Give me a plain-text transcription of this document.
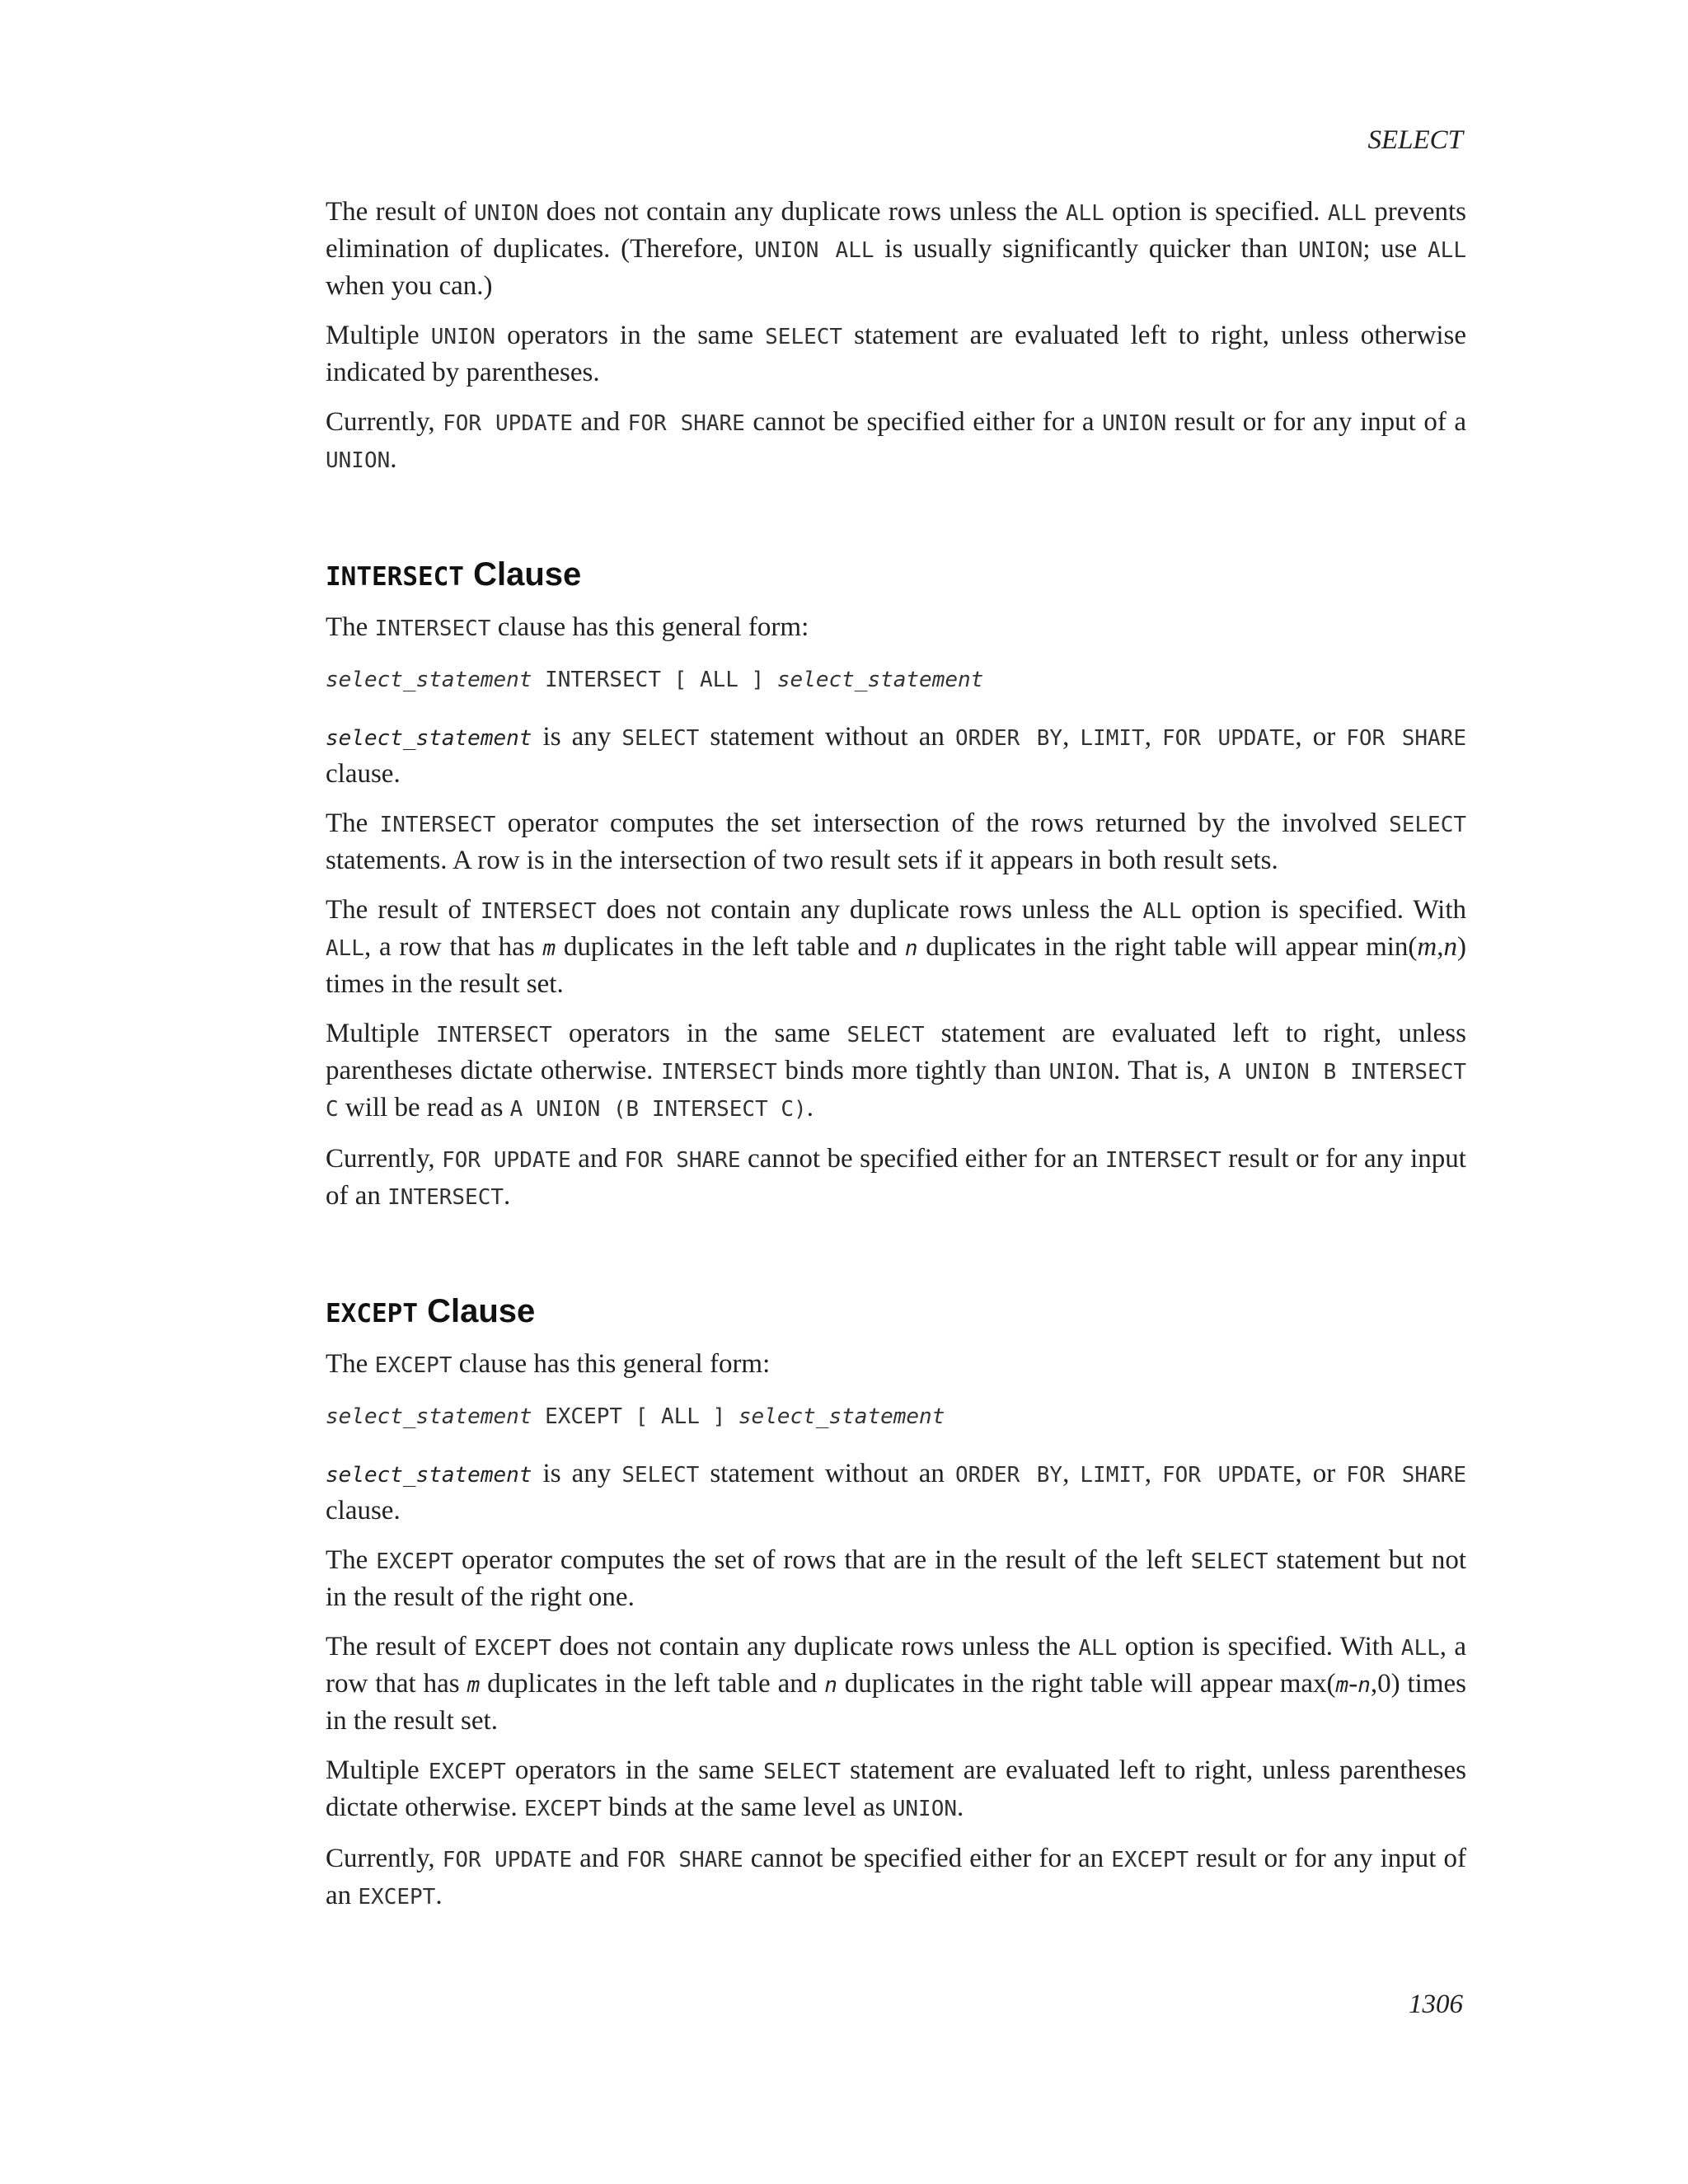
SELECT

The result of UNION does not contain any duplicate rows unless the ALL option is specified. ALL prevents elimination of duplicates. (Therefore, UNION ALL is usually significantly quicker than UNION; use ALL when you can.)

Multiple UNION operators in the same SELECT statement are evaluated left to right, unless otherwise indicated by parentheses.

Currently, FOR UPDATE and FOR SHARE cannot be specified either for a UNION result or for any input of a UNION.

INTERSECT Clause

The INTERSECT clause has this general form:

select_statement INTERSECT [ ALL ] select_statement

select_statement is any SELECT statement without an ORDER BY, LIMIT, FOR UPDATE, or FOR SHARE clause.

The INTERSECT operator computes the set intersection of the rows returned by the involved SELECT statements. A row is in the intersection of two result sets if it appears in both result sets.

The result of INTERSECT does not contain any duplicate rows unless the ALL option is specified. With ALL, a row that has m duplicates in the left table and n duplicates in the right table will appear min(m,n) times in the result set.

Multiple INTERSECT operators in the same SELECT statement are evaluated left to right, unless parentheses dictate otherwise. INTERSECT binds more tightly than UNION. That is, A UNION B INTERSECT C will be read as A UNION (B INTERSECT C).

Currently, FOR UPDATE and FOR SHARE cannot be specified either for an INTERSECT result or for any input of an INTERSECT.

EXCEPT Clause

The EXCEPT clause has this general form:

select_statement EXCEPT [ ALL ] select_statement

select_statement is any SELECT statement without an ORDER BY, LIMIT, FOR UPDATE, or FOR SHARE clause.

The EXCEPT operator computes the set of rows that are in the result of the left SELECT statement but not in the result of the right one.

The result of EXCEPT does not contain any duplicate rows unless the ALL option is specified. With ALL, a row that has m duplicates in the left table and n duplicates in the right table will appear max(m-n,0) times in the result set.

Multiple EXCEPT operators in the same SELECT statement are evaluated left to right, unless parentheses dictate otherwise. EXCEPT binds at the same level as UNION.

Currently, FOR UPDATE and FOR SHARE cannot be specified either for an EXCEPT result or for any input of an EXCEPT.

1306
